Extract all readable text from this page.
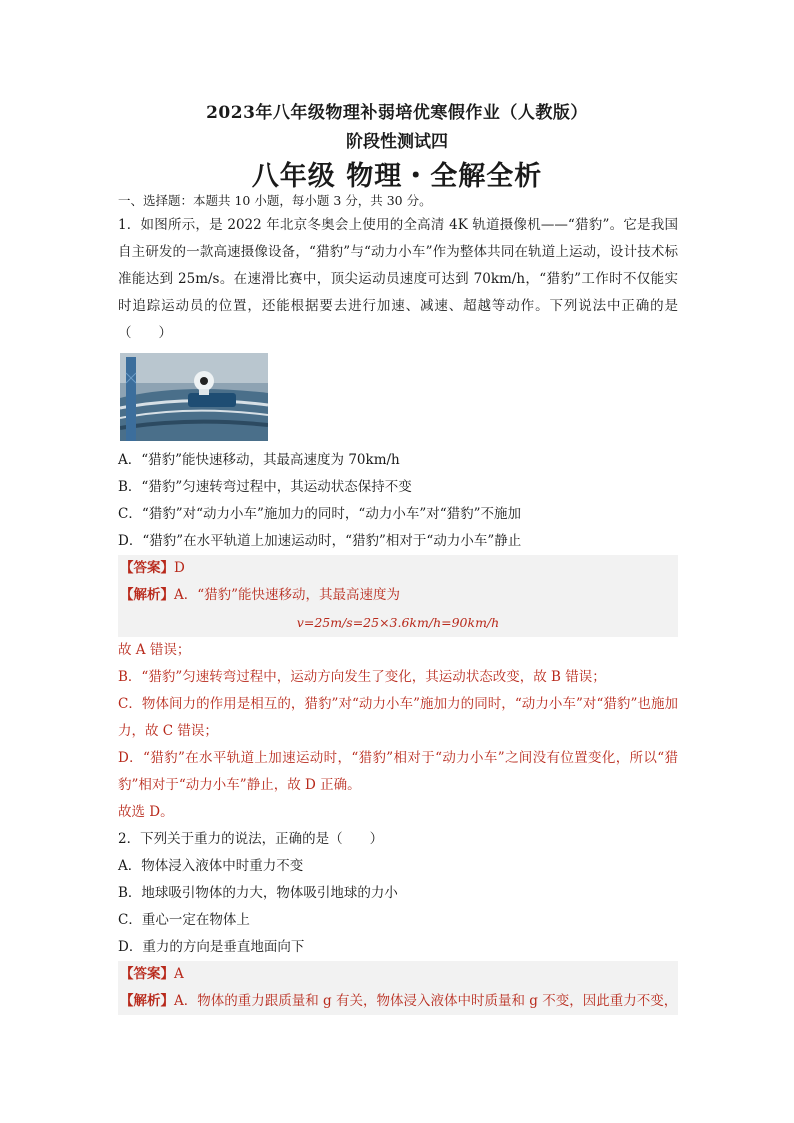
2023年八年级物理补弱培优寒假作业（人教版）
阶段性测试四
八年级 物理・全解全析

一、选择题：本题共 10 小题，每小题 3 分，共 30 分。

1．如图所示，是 2022 年北京冬奥会上使用的全高清 4K 轨道摄像机——“猎豹”。它是我国自主研发的一款高速摄像设备，“猎豹”与“动力小车”作为整体共同在轨道上运动，设计技术标准能达到 25m/s。在速滑比赛中，顶尖运动员速度可达到 70km/h，“猎豹”工作时不仅能实时追踪运动员的位置，还能根据要去进行加速、减速、超越等动作。下列说法中正确的是（　　）

A．“猎豹”能快速移动，其最高速度为 70km/h

B．“猎豹”匀速转弯过程中，其运动状态保持不变

C．“猎豹”对“动力小车”施加力的同时，“动力小车”对“猎豹”不施加

D．“猎豹”在水平轨道上加速运动时，“猎豹”相对于“动力小车”静止

【答案】D

【解析】A．“猎豹”能快速移动，其最高速度为

v=25m/s=25×3.6km/h=90km/h

故 A 错误；

B．“猎豹”匀速转弯过程中，运动方向发生了变化，其运动状态改变，故 B 错误；

C．物体间力的作用是相互的，猎豹”对“动力小车”施加力的同时，“动力小车”对“猎豹”也施加力，故 C 错误；

D．“猎豹”在水平轨道上加速运动时，“猎豹”相对于“动力小车”之间没有位置变化，所以“猎豹”相对于“动力小车”静止，故 D 正确。

故选 D。

2．下列关于重力的说法，正确的是（　　）

A．物体浸入液体中时重力不变

B．地球吸引物体的力大，物体吸引地球的力小

C．重心一定在物体上

D．重力的方向是垂直地面向下

【答案】A

【解析】A．物体的重力跟质量和 g 有关，物体浸入液体中时质量和 g 不变，因此重力不变，
